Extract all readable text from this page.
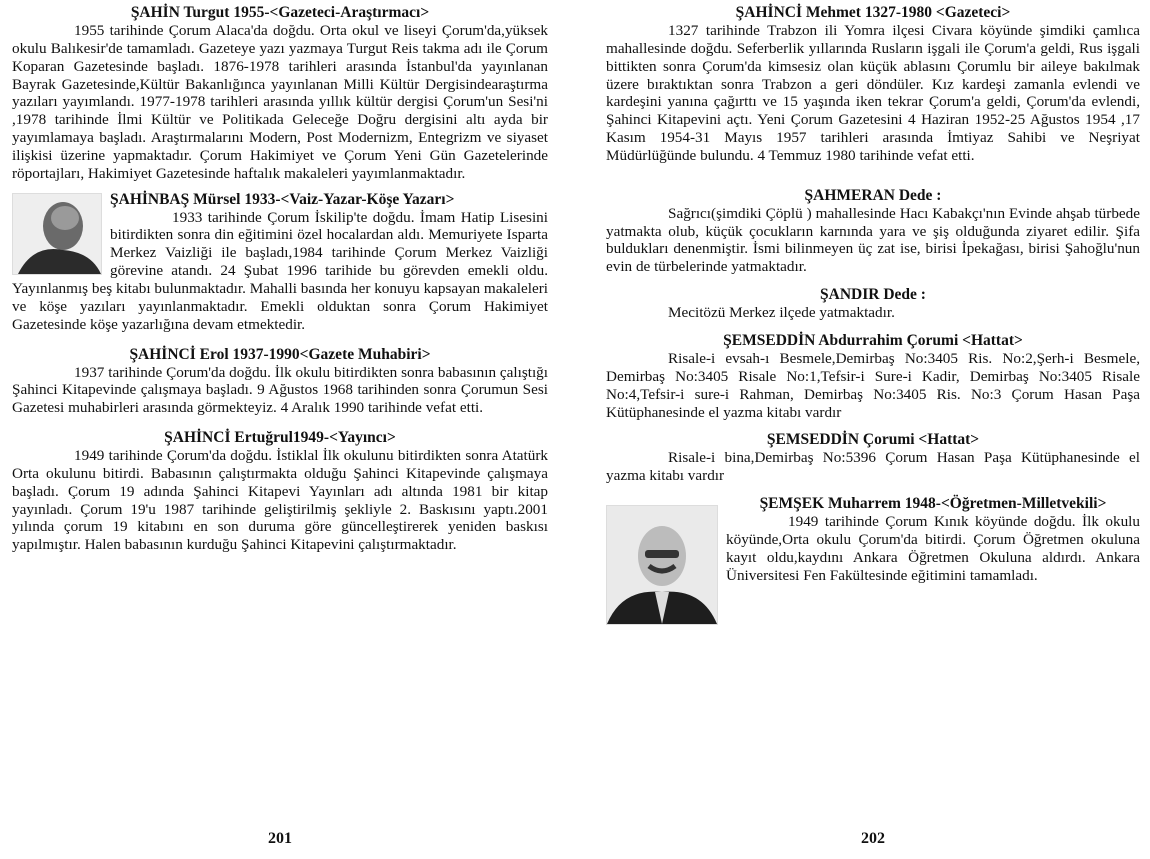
ŞAHİN Turgut 1955-<Gazeteci-Araştırmacı>

1955 tarihinde Çorum Alaca'da doğdu. Orta okul ve liseyi Çorum'da,yüksek okulu Balıkesir'de tamamladı. Gazeteye yazı yazmaya Turgut Reis takma adı ile Çorum Koparan Gazetesinde başladı. 1876-1978 tarihleri arasında İstanbul'da yayınlanan Bayrak Gazetesinde,Kültür Bakanlığınca yayınlanan Milli Kültür Dergisindearaştırma yazıları yayımlandı. 1977-1978 tarihleri arasında yıllık kültür dergisi Çorum'un Sesi'ni ,1978 tarihinde İlmi Kültür ve Politikada Geleceğe Doğru dergisini altı ayda bir yayımlamaya başladı. Araştırmalarını Modern, Post Modernizm, Entegrizm ve siyaset ilişkisi üzerine yapmaktadır. Çorum Hakimiyet ve Çorum Yeni Gün Gazetelerinde röportajları, Hakimiyet Gazetesinde haftalık makaleleri yayımlanmaktadır.

ŞAHİNBAŞ Mürsel 1933-<Vaiz-Yazar-Köşe Yazarı>

1933 tarihinde Çorum İskilip'te doğdu. İmam Hatip Lisesini bitirdikten sonra din eğitimini özel hocalardan aldı. Memuriyete Isparta Merkez Vaizliği ile başladı,1984 tarihinde Çorum Merkez Vaizliği görevine atandı. 24 Şubat 1996 tarihide bu görevden emekli oldu. Yayınlanmış beş kitabı bulunmaktadır. Mahalli basında her konuyu kapsayan makaleleri ve köşe yazıları yayınlanmaktadır. Emekli olduktan sonra Çorum Hakimiyet Gazetesinde köşe yazarlığına devam etmektedir.

ŞAHİNCİ Erol 1937-1990<Gazete Muhabiri>

1937 tarihinde Çorum'da doğdu. İlk okulu bitirdikten sonra babasının çalıştığı Şahinci Kitapevinde çalışmaya başladı. 9 Ağustos 1968 tarihinden sonra Çorumun Sesi Gazetesi muhabirleri arasında görmekteyiz. 4 Aralık 1990 tarihinde vefat etti.

ŞAHİNCİ Ertuğrul1949-<Yayıncı>

1949 tarihinde Çorum'da doğdu. İstiklal İlk okulunu bitirdikten sonra Atatürk Orta okulunu bitirdi. Babasının çalıştırmakta olduğu Şahinci Kitapevinde çalışmaya başladı. Çorum 19 adında Şahinci Kitapevi Yayınları adı altında 1981 bir kitap yayınladı. Çorum 19'u 1987 tarihinde geliştirilmiş şekliyle 2. Baskısını yaptı.2001 yılında çorum 19 kitabını en son duruma göre güncelleştirerek yeniden baskısı yapılmıştır. Halen babasının kurduğu Şahinci Kitapevini çalıştırmaktadır.

201

ŞAHİNCİ Mehmet 1327-1980 <Gazeteci>

1327 tarihinde Trabzon ili Yomra ilçesi Civara köyünde şimdiki çamlıca mahallesinde doğdu. Seferberlik yıllarında Rusların işgali ile Çorum'a geldi, Rus işgali bittikten sonra Çorum'da kimsesiz olan küçük ablasını Çorumlu bir aileye bakılmak üzere bıraktıktan sonra Trabzon a geri döndüler. Kız kardeşi zamanla evlendi ve kardeşini yanına çağırttı ve 15 yaşında iken tekrar Çorum'a geldi, Çorum'da evlendi, Şahinci Kitapevini açtı. Yeni Çorum Gazetesini 4 Haziran 1952-25 Ağustos 1954 ,17 Kasım 1954-31 Mayıs 1957 tarihleri arasında İmtiyaz Sahibi ve Neşriyat Müdürlüğünde bulundu. 4 Temmuz 1980 tarihinde vefat etti.

ŞAHMERAN Dede :

Sağrıcı(şimdiki Çöplü ) mahallesinde Hacı Kabakçı'nın Evinde ahşab türbede yatmakta olub, küçük çocukların karnında yara ve şiş olduğunda ziyaret edilir. Şifa buldukları denenmiştir. İsmi bilinmeyen üç zat ise, birisi İpekağası, birisi Şahoğlu'nun evin de türbelerinde yatmaktadır.

ŞANDIR Dede :

Mecitözü Merkez ilçede yatmaktadır.

ŞEMSEDDİN Abdurrahim Çorumi <Hattat>

Risale-i evsah-ı Besmele,Demirbaş No:3405 Ris. No:2,Şerh-i Besmele, Demirbaş No:3405 Risale No:1,Tefsir-i Sure-i Kadir, Demirbaş No:3405 Risale No:4,Tefsir-i sure-i Rahman, Demirbaş No:3405 Ris. No:3 Çorum Hasan Paşa Kütüphanesinde el yazma kitabı vardır

ŞEMSEDDİN Çorumi <Hattat>

Risale-i bina,Demirbaş No:5396 Çorum Hasan Paşa Kütüphanesinde el yazma kitabı vardır

ŞEMŞEK Muharrem 1948-<Öğretmen-Milletvekili>

1949 tarihinde Çorum Kınık köyünde doğdu. İlk okulu köyünde,Orta okulu Çorum'da bitirdi. Çorum Öğretmen okuluna kayıt oldu,kaydını Ankara Öğretmen Okuluna aldırdı. Ankara Üniversitesi Fen Fakültesinde eğitimini tamamladı.

202
